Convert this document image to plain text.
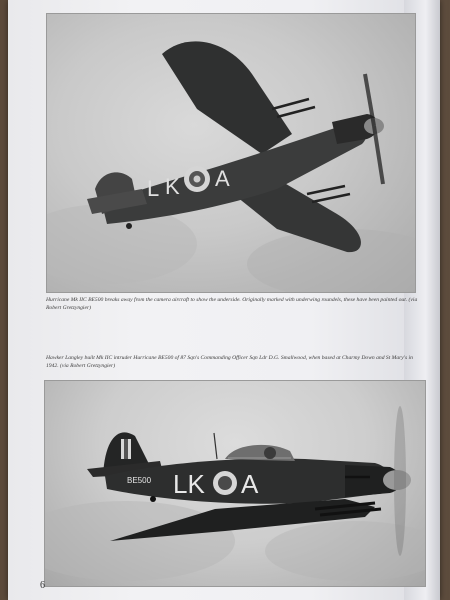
L K A

Hurricane Mk IIC BE500 breaks away from the camera aircraft to show the underside. Originally marked with underwing roundels, these have been painted out. (via Robert Gretzyngier)

Hawker Langley built Mk IIC intruder Hurricane BE500 of 87 Sqn's Commanding Officer Sqn Ldr D.G. Smallwood, when based at Charmy Down and St Mary's in 1942. (via Robert Gretzyngier)

BE500 LK A
6
